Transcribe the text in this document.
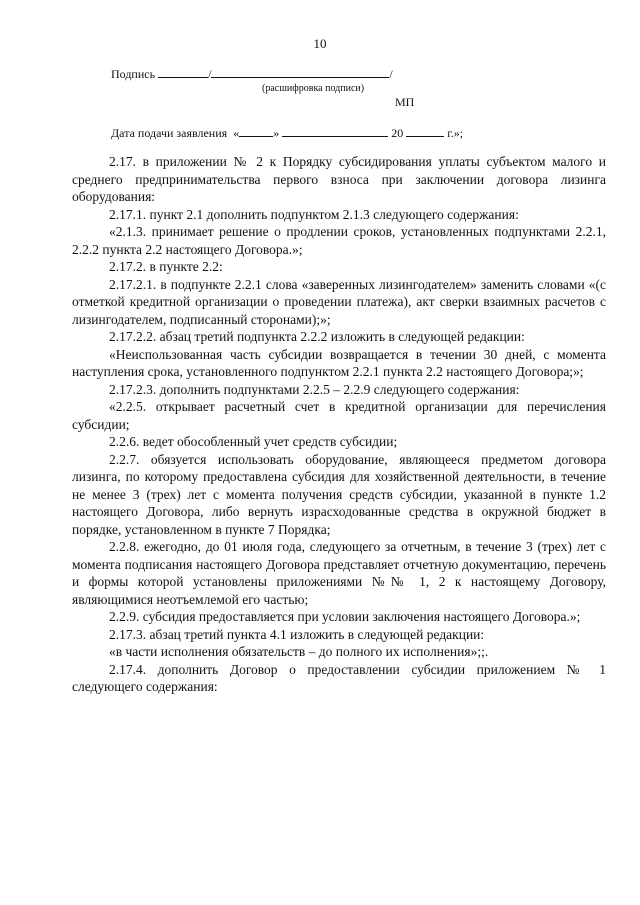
10
Подпись	/	/
(расшифровка подписи)
МП
Дата подачи заявления «	»	20	г.»;

2.17. в приложении № 2 к Порядку субсидирования уплаты субъектом малого и среднего предпринимательства первого взноса при заключении договора лизинга оборудования:

2.17.1. пункт 2.1 дополнить подпунктом 2.1.3 следующего содержания:

«2.1.3. принимает решение о продлении сроков, установленных подпунктами 2.2.1, 2.2.2 пункта 2.2 настоящего Договора.»;

2.17.2. в пункте 2.2:

2.17.2.1. в подпункте 2.2.1 слова «заверенных лизингодателем» заменить словами «(с отметкой кредитной организации о проведении платежа), акт сверки взаимных расчетов с лизингодателем, подписанный сторонами);»;

2.17.2.2. абзац третий подпункта 2.2.2 изложить в следующей редакции:

«Неиспользованная часть субсидии возвращается в течении 30 дней, с момента наступления срока, установленного подпунктом 2.2.1 пункта 2.2 настоящего Договора;»;

2.17.2.3. дополнить подпунктами 2.2.5 – 2.2.9 следующего содержания:

«2.2.5. открывает расчетный счет в кредитной организации для перечисления субсидии;

2.2.6. ведет обособленный учет средств субсидии;

2.2.7. обязуется использовать оборудование, являющееся предметом договора лизинга, по которому предоставлена субсидия для хозяйственной деятельности, в течение не менее 3 (трех) лет с момента получения средств субсидии, указанной в пункте 1.2 настоящего Договора, либо вернуть израсходованные средства в окружной бюджет в порядке, установленном в пункте 7 Порядка;

2.2.8. ежегодно, до 01 июля года, следующего за отчетным, в течение 3 (трех) лет с момента подписания настоящего Договора представляет отчетную документацию, перечень и формы которой установлены приложениями №№ 1, 2 к настоящему Договору, являющимися неотъемлемой его частью;

2.2.9. субсидия предоставляется при условии заключения настоящего Договора.»;

2.17.3. абзац третий пункта 4.1 изложить в следующей редакции:

«в части исполнения обязательств – до полного их исполнения»;;.

2.17.4. дополнить Договор о предоставлении субсидии приложением № 1 следующего содержания:
